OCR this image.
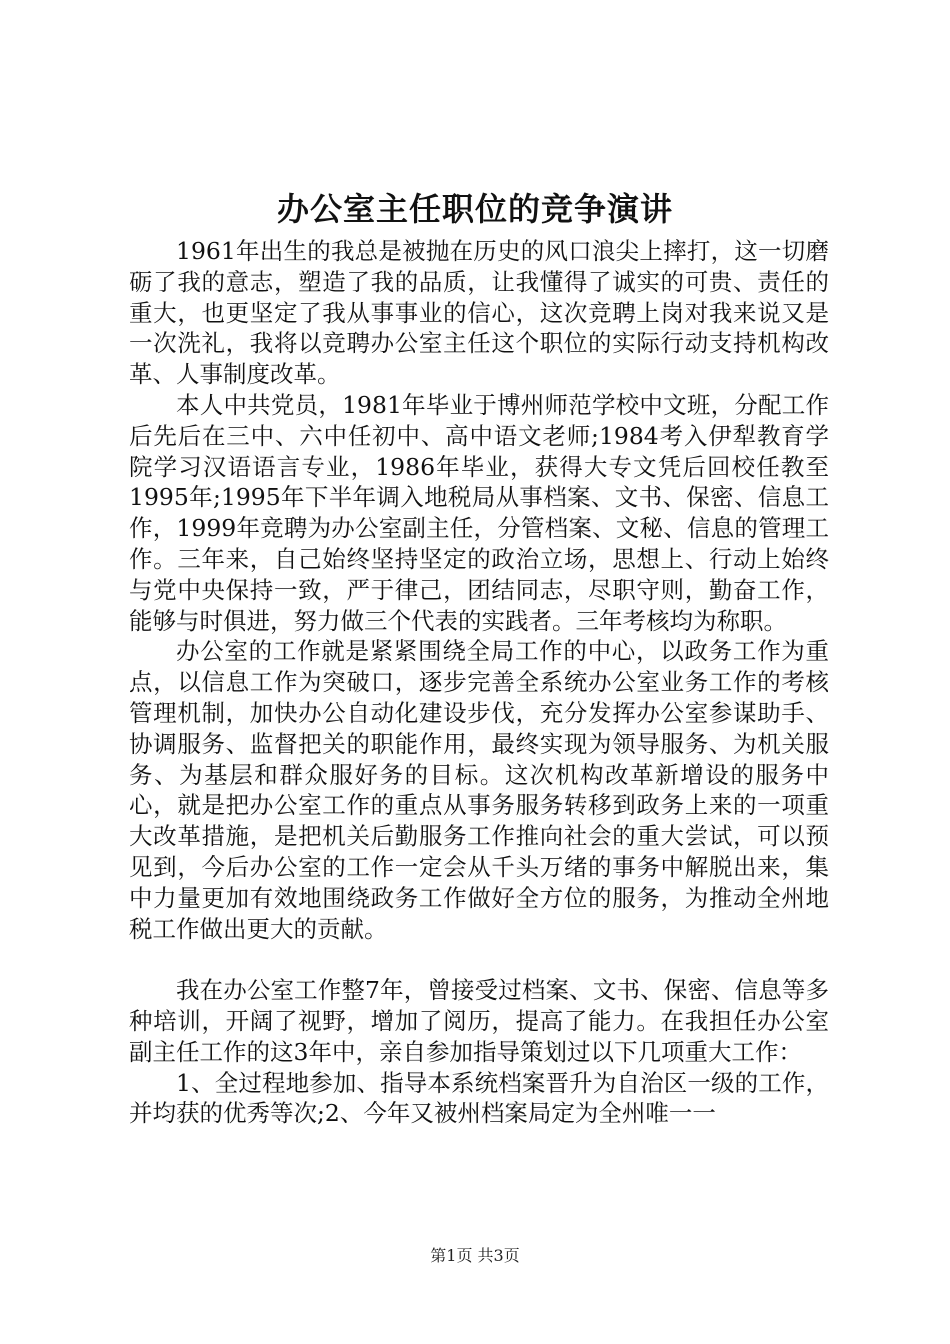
办公室主任职位的竞争演讲

1961年出生的我总是被抛在历史的风口浪尖上摔打，这一切磨砺了我的意志，塑造了我的品质，让我懂得了诚实的可贵、责任的重大，也更坚定了我从事事业的信心，这次竞聘上岗对我来说又是一次洗礼，我将以竞聘办公室主任这个职位的实际行动支持机构改革、人事制度改革。

本人中共党员，1981年毕业于博州师范学校中文班，分配工作后先后在三中、六中任初中、高中语文老师;1984考入伊犁教育学院学习汉语语言专业，1986年毕业，获得大专文凭后回校任教至1995年;1995年下半年调入地税局从事档案、文书、保密、信息工作，1999年竞聘为办公室副主任，分管档案、文秘、信息的管理工作。三年来，自己始终坚持坚定的政治立场，思想上、行动上始终与党中央保持一致，严于律己，团结同志，尽职守则，勤奋工作，能够与时俱进，努力做三个代表的实践者。三年考核均为称职。

办公室的工作就是紧紧围绕全局工作的中心，以政务工作为重点，以信息工作为突破口，逐步完善全系统办公室业务工作的考核管理机制，加快办公自动化建设步伐，充分发挥办公室参谋助手、协调服务、监督把关的职能作用，最终实现为领导服务、为机关服务、为基层和群众服好务的目标。这次机构改革新增设的服务中心，就是把办公室工作的重点从事务服务转移到政务上来的一项重大改革措施，是把机关后勤服务工作推向社会的重大尝试，可以预见到，今后办公室的工作一定会从千头万绪的事务中解脱出来，集中力量更加有效地围绕政务工作做好全方位的服务，为推动全州地税工作做出更大的贡献。

我在办公室工作整7年，曾接受过档案、文书、保密、信息等多种培训，开阔了视野，增加了阅历，提高了能力。在我担任办公室副主任工作的这3年中，亲自参加指导策划过以下几项重大工作：

1、全过程地参加、指导本系统档案晋升为自治区一级的工作，并均获的优秀等次;2、今年又被州档案局定为全州唯一一

第1页 共3页
